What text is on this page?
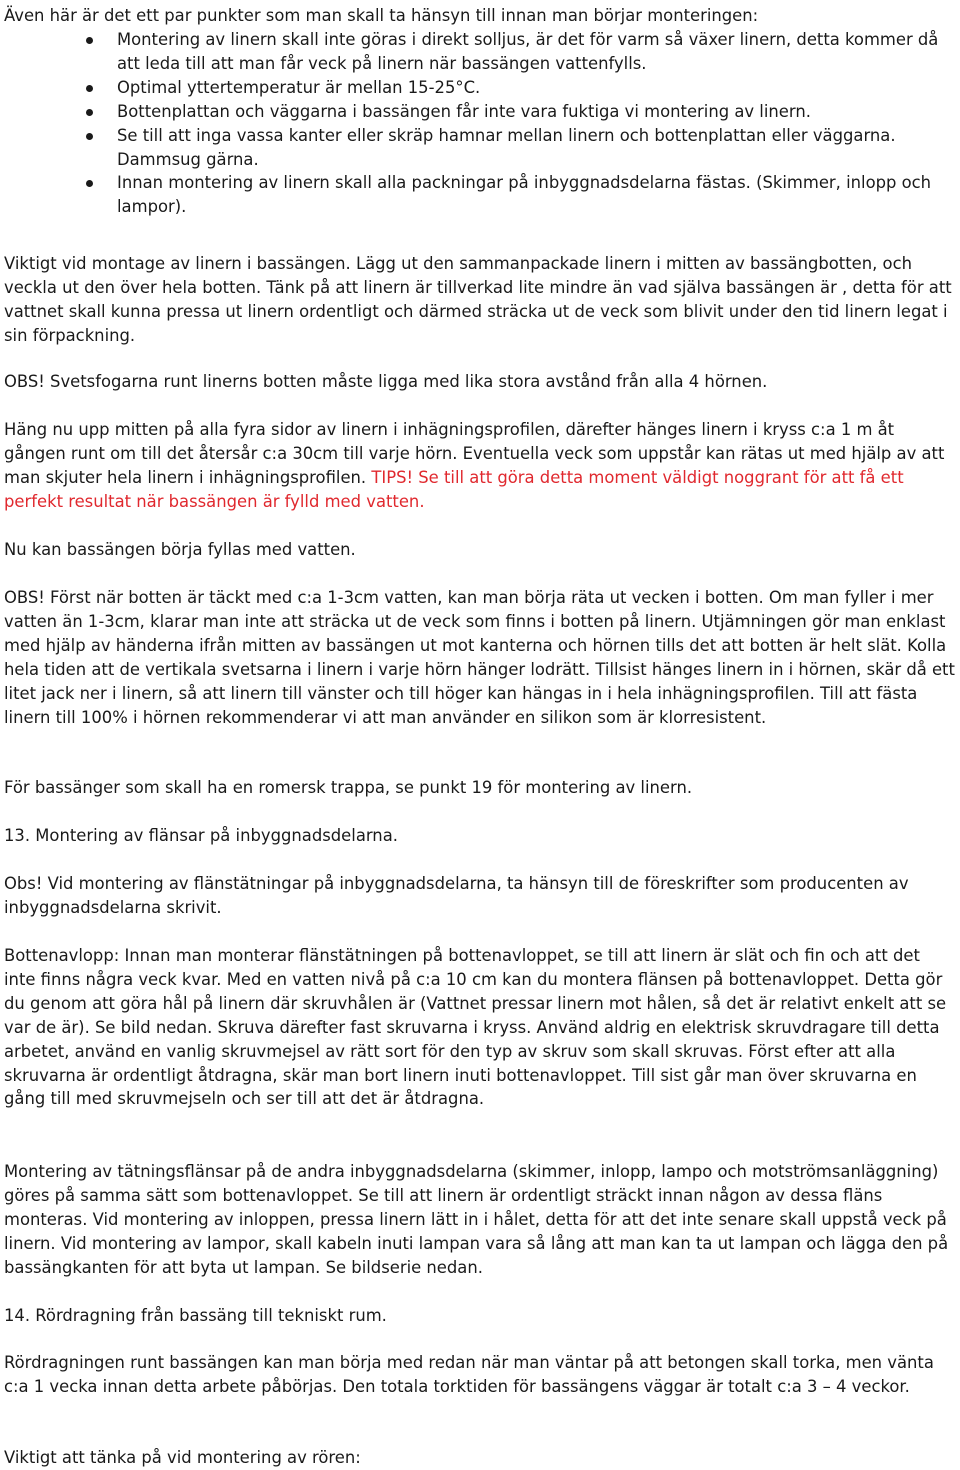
Även här är det ett par punkter som man skall ta hänsyn till innan man börjar monteringen:

Montering av linern skall inte göras i direkt solljus, är det för varm så växer linern, detta kommer då att leda till att man får veck på linern när bassängen vattenfylls.
Optimal yttertemperatur är mellan 15-25°C.
Bottenplattan och väggarna i bassängen får inte vara fuktiga vi montering av linern.
Se till att inga vassa kanter eller skräp hamnar mellan linern och bottenplattan eller väggarna. Dammsug gärna.
Innan montering av linern skall alla packningar på inbyggnadsdelarna fästas. (Skimmer, inlopp och lampor).

Viktigt vid montage av linern i bassängen. Lägg ut den sammanpackade linern i mitten av bassängbotten, och veckla ut den över hela botten. Tänk på att linern är tillverkad lite mindre än vad själva bassängen är , detta för att vattnet skall kunna pressa ut linern ordentligt och därmed sträcka ut de veck som blivit under den tid linern legat i sin förpackning.

OBS! Svetsfogarna runt linerns botten måste ligga med lika stora avstånd från alla 4 hörnen.

Häng nu upp mitten på alla fyra sidor av linern i inhägningsprofilen, därefter hänges linern i kryss c:a 1 m åt gången runt om till det återsår c:a 30cm till varje hörn. Eventuella veck som uppstår kan rätas ut med hjälp av att man skjuter hela linern i inhägningsprofilen. TIPS! Se till att göra detta moment väldigt noggrant för att få ett perfekt resultat när bassängen är fylld med vatten.

Nu kan bassängen börja fyllas med vatten.

OBS! Först när botten är täckt med c:a 1-3cm vatten, kan man börja räta ut vecken i botten. Om man fyller i mer vatten än 1-3cm, klarar man inte att sträcka ut de veck som finns i botten på linern. Utjämningen gör man enklast med hjälp av händerna ifrån mitten av bassängen ut mot kanterna och hörnen tills det att botten är helt slät. Kolla hela tiden att de vertikala svetsarna i linern i varje hörn hänger lodrätt. Tillsist hänges linern in i hörnen, skär då ett litet jack ner i linern, så att linern till vänster och till höger kan hängas in i hela inhägningsprofilen. Till att fästa linern till 100% i hörnen rekommenderar vi att man använder en silikon som är klorresistent.

För bassänger som skall ha en romersk trappa, se punkt 19 för montering av linern.

13. Montering av flänsar på inbyggnadsdelarna.

Obs! Vid montering av flänstätningar på inbyggnadsdelarna, ta hänsyn till de föreskrifter som producenten av inbyggnadsdelarna skrivit.

Bottenavlopp: Innan man monterar flänstätningen på bottenavloppet, se till att linern är slät och fin och att det inte finns några veck kvar. Med en vatten nivå på c:a 10 cm kan du montera flänsen på bottenavloppet. Detta gör du genom att göra hål på linern där skruvhålen är (Vattnet pressar linern mot hålen, så det är relativt enkelt att se var de är). Se bild nedan. Skruva därefter fast skruvarna i kryss. Använd aldrig en elektrisk skruvdragare till detta arbetet, använd en vanlig skruvmejsel av rätt sort för den typ av skruv som skall skruvas. Först efter att alla skruvarna är ordentligt åtdragna, skär man bort linern inuti bottenavloppet. Till sist går man över skruvarna en gång till med skruvmejseln och ser till att det är åtdragna.

Montering av tätningsflänsar på de andra inbyggnadsdelarna (skimmer, inlopp, lampo och motströmsanläggning) göres på samma sätt som bottenavloppet. Se till att linern är ordentligt sträckt innan någon av dessa fläns monteras. Vid montering av inloppen, pressa linern lätt in i hålet, detta för att det inte senare skall uppstå veck på linern. Vid montering av lampor, skall kabeln inuti lampan vara så lång att man kan ta ut lampan och lägga den på bassängkanten för att byta ut lampan. Se bildserie nedan.

14. Rördragning från bassäng till tekniskt rum.

Rördragningen runt bassängen kan man börja med redan när man väntar på att betongen skall torka, men vänta c:a 1 vecka innan detta arbete påbörjas. Den totala torktiden för bassängens väggar är totalt c:a 3 – 4 veckor.

Viktigt att tänka på vid montering av rören:
